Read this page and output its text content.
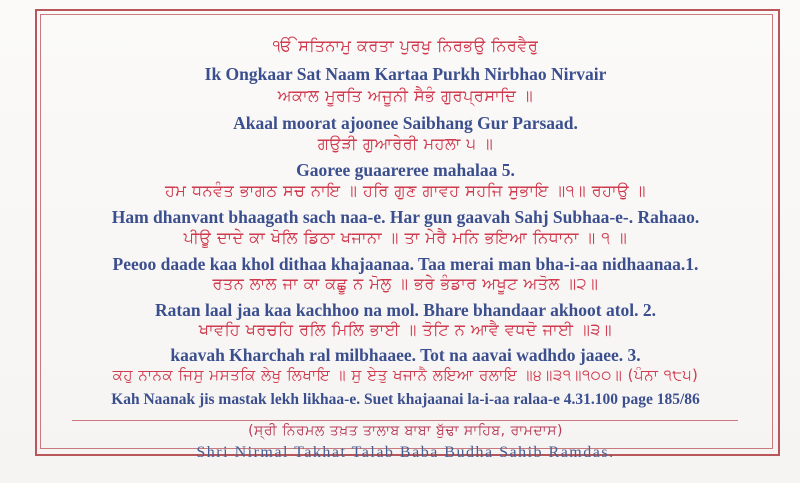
ੴ ਸਤਿਨਾਮੁ ਕਰਤਾ ਪੁਰਖੁ ਨਿਰਭਉ ਨਿਰਵੈਰੁ
Ik Ongkaar Sat Naam Kartaa Purkh Nirbhao Nirvair
ਅਕਾਲ ਮੂਰਤਿ ਅਜੂਨੀ ਸੈਭੰ ਗੁਰਪ੍ਰਸਾਦਿ ॥
Akaal moorat ajoonee Saibhang Gur Parsaad.
ਗਉੜੀ ਗੁਆਰੇਰੀ ਮਹਲਾ ੫ ॥
Gaoree guaareree mahalaa 5.
ਹਮ ਧਨਵੰਤ ਭਾਗਠ ਸਚ ਨਾਇ ॥ ਹਰਿ ਗੁਣ ਗਾਵਹ ਸਹਜਿ ਸੁਭਾਇ ॥੧॥ ਰਹਾਉ ॥
Ham dhanvant bhaagath sach naa-e. Har gun gaavah Sahj Subhaa-e-. Rahaao.
ਪੀਊ ਦਾਦੇ ਕਾ ਖੋਲਿ ਡਿਠਾ ਖਜਾਨਾ ॥ ਤਾ ਮੇਰੈ ਮਨਿ ਭਇਆ ਨਿਧਾਨਾ ॥ ੧ ॥
Peeoo daade kaa khol dithaa khajaanaa. Taa merai man bha-i-aa nidhaanaa.1.
ਰਤਨ ਲਾਲ ਜਾ ਕਾ ਕਛੂ ਨ ਮੋਲੁ ॥ ਭਰੇ ਭੰਡਾਰ ਅਖੂਟ ਅਤੋਲ ॥੨॥
Ratan laal jaa kaa kachhoo na mol. Bhare bhandaar akhoot atol. 2.
ਖਾਵਹਿ ਖਰਚਹਿ ਰਲਿ ਮਿਲਿ ਭਾਈ ॥ ਤੋਟਿ ਨ ਆਵੈ ਵਧਦੋ ਜਾਈ ॥੩॥
kaavah Kharchah ral milbhaaee. Tot na aavai wadhdo jaaee. 3.
ਕਹੁ ਨਾਨਕ ਜਿਸੁ ਮਸਤਕਿ ਲੇਖੁ ਲਿਖਾਇ ॥ ਸੁ ਏਤੁ ਖਜਾਨੈ ਲਇਆ ਰਲਾਇ ॥੪॥੩੧॥੧੦੦॥ (ਪੰਨਾ ੧੮੫)
Kah Naanak jis mastak lekh likhaa-e. Suet khajaanai la-i-aa ralaa-e 4.31.100 page 185/86
(ਸ੍ਰੀ ਨਿਰਮਲ ਤਖ਼ਤ ਤਾਲਾਬ ਬਾਬਾ ਬੁੱਢਾ ਸਾਹਿਬ, ਰਾਮਦਾਸ)
Shri Nirmal Takhat Talab Baba Budha Sahib Ramdas.
